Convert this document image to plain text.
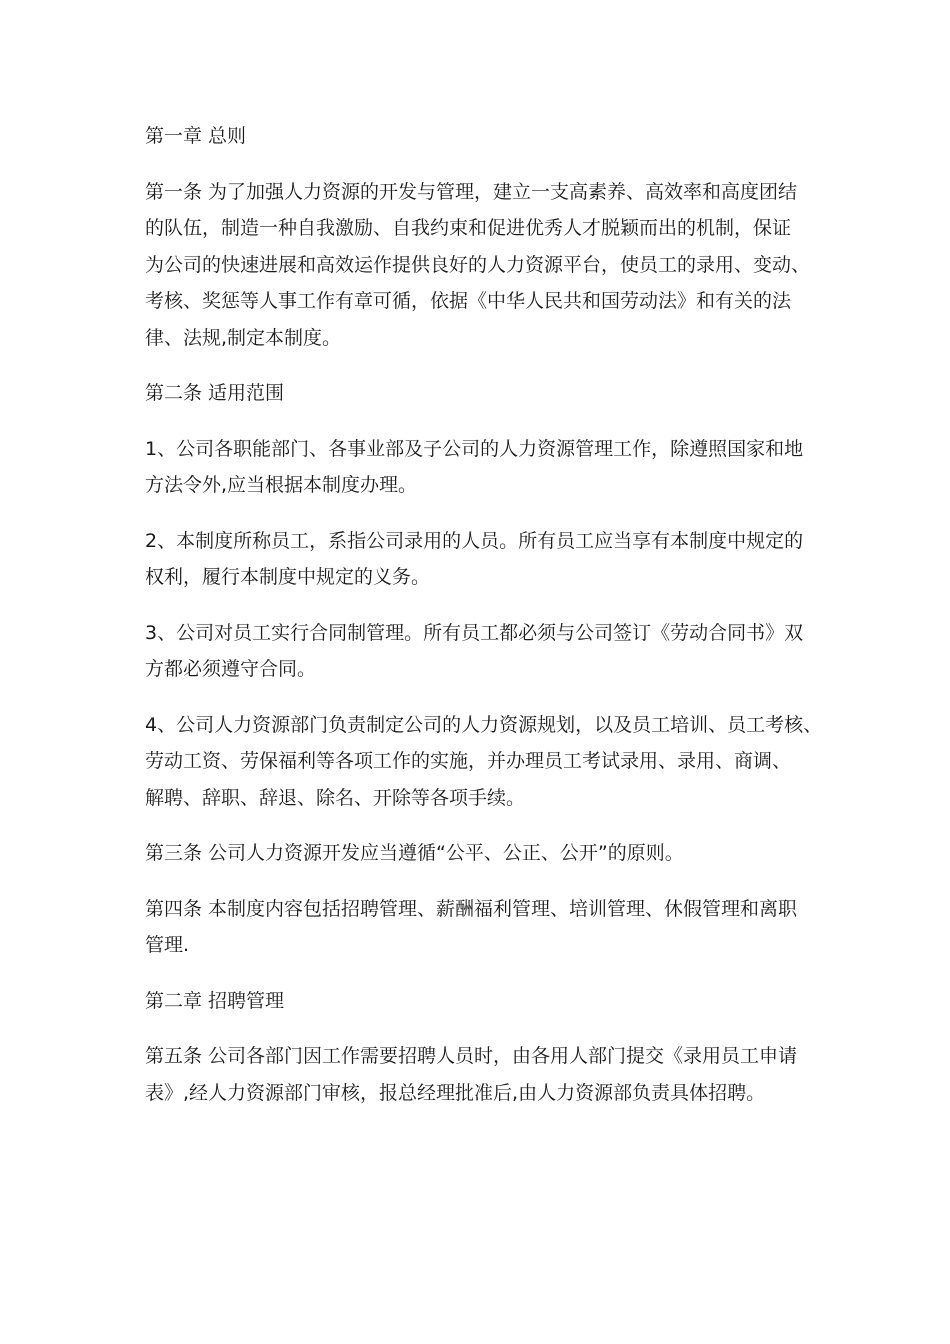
第一章 总则

第一条 为了加强人力资源的开发与管理，建立一支高素养、高效率和高度团结
的队伍，制造一种自我激励、自我约束和促进优秀人才脱颖而出的机制，保证
为公司的快速进展和高效运作提供良好的人力资源平台，使员工的录用、变动、
考核、奖惩等人事工作有章可循，依据《中华人民共和国劳动法》和有关的法
律、法规,制定本制度。

第二条 适用范围

1、公司各职能部门、各事业部及子公司的人力资源管理工作，除遵照国家和地
方法令外,应当根据本制度办理。

2、本制度所称员工，系指公司录用的人员。所有员工应当享有本制度中规定的
权利，履行本制度中规定的义务。

3、公司对员工实行合同制管理。所有员工都必须与公司签订《劳动合同书》双
方都必须遵守合同。

4、公司人力资源部门负责制定公司的人力资源规划，以及员工培训、员工考核、
劳动工资、劳保福利等各项工作的实施，并办理员工考试录用、录用、商调、
解聘、辞职、辞退、除名、开除等各项手续。

第三条 公司人力资源开发应当遵循“公平、公正、公开”的原则。

第四条 本制度内容包括招聘管理、薪酬福利管理、培训管理、休假管理和离职
管理.

第二章 招聘管理

第五条 公司各部门因工作需要招聘人员时，由各用人部门提交《录用员工申请
表》,经人力资源部门审核，报总经理批准后,由人力资源部负责具体招聘。
